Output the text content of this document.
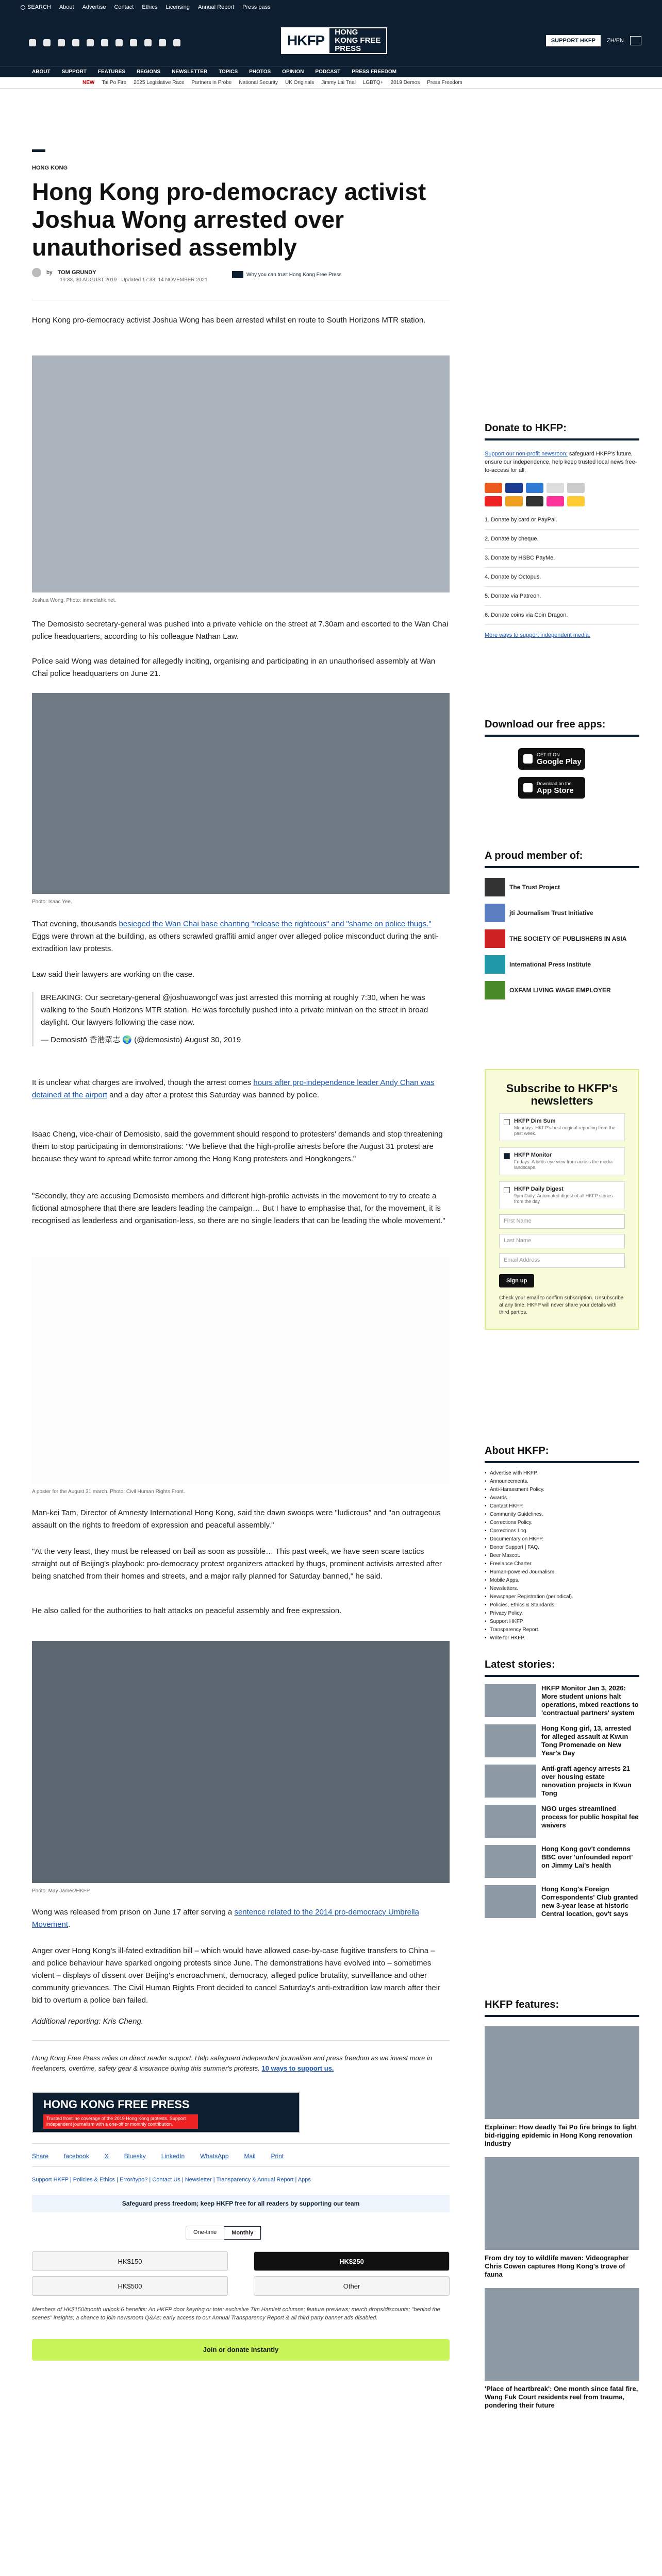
SEARCH About Advertise Contact Ethics Licensing Annual Report Press pass
HKFP
HONG KONG FREE PRESS
SUPPORT HKFP	ZH/EN
ABOUT SUPPORT FEATURES REGIONS NEWSLETTER TOPICS PHOTOS OPINION PODCAST PRESS FREEDOM
NEW Tai Po Fire 2025 Legislative Race Partners in Probe National Security UK Originals Jimmy Lai Trial LGBTQ+ 2019 Demos Press Freedom
HONG KONG
Hong Kong pro-democracy activist Joshua Wong arrested over unauthorised assembly
by TOM GRUNDY
19:33, 30 AUGUST 2019 · Updated 17:33, 14 NOVEMBER 2021
Why you can trust Hong Kong Free Press
Hong Kong pro-democracy activist Joshua Wong has been arrested whilst en route to South Horizons MTR station.
Joshua Wong. Photo: inmediahk.net.
The Demosisto secretary-general was pushed into a private vehicle on the street at 7.30am and escorted to the Wan Chai police headquarters, according to his colleague Nathan Law.
Police said Wong was detained for allegedly inciting, organising and participating in an unauthorised assembly at Wan Chai police headquarters on June 21.
Photo: Isaac Yee.
That evening, thousands besieged the Wan Chai base chanting "release the righteous" and "shame on police thugs." Eggs were thrown at the building, as others scrawled graffiti amid anger over alleged police misconduct during the anti-extradition law protests.
Law said their lawyers are working on the case.
BREAKING: Our secretary-general @joshuawongcf was just arrested this morning at roughly 7:30, when he was walking to the South Horizons MTR station. He was forcefully pushed into a private minivan on the street in broad daylight. Our lawyers following the case now.
— Demosistō 香港眾志 🌍 (@demosisto) August 30, 2019
It is unclear what charges are involved, though the arrest comes hours after pro-independence leader Andy Chan was detained at the airport and a day after a protest this Saturday was banned by police.
Isaac Cheng, vice-chair of Demosisto, said the government should respond to protesters' demands and stop threatening them to stop participating in demonstrations: "We believe that the high-profile arrests before the August 31 protest are because they want to spread white terror among the Hong Kong protesters and Hongkongers."
"Secondly, they are accusing Demosisto members and different high-profile activists in the movement to try to create a fictional atmosphere that there are leaders leading the campaign… But I have to emphasise that, for the movement, it is recognised as leaderless and organisation-less, so there are no single leaders that can be leading the whole movement."
A poster for the August 31 march. Photo: Civil Human Rights Front.
Man-kei Tam, Director of Amnesty International Hong Kong, said the dawn swoops were "ludicrous" and "an outrageous assault on the rights to freedom of expression and peaceful assembly."
"At the very least, they must be released on bail as soon as possible… This past week, we have seen scare tactics straight out of Beijing's playbook: pro-democracy protest organizers attacked by thugs, prominent activists arrested after being snatched from their homes and streets, and a major rally planned for Saturday banned," he said.
He also called for the authorities to halt attacks on peaceful assembly and free expression.
Photo: May James/HKFP.
Wong was released from prison on June 17 after serving a sentence related to the 2014 pro-democracy Umbrella Movement.
Anger over Hong Kong's ill-fated extradition bill – which would have allowed case-by-case fugitive transfers to China – and police behaviour have sparked ongoing protests since June. The demonstrations have evolved into – sometimes violent – displays of dissent over Beijing's encroachment, democracy, alleged police brutality, surveillance and other community grievances. The Civil Human Rights Front decided to cancel Saturday's anti-extradition law march after their bid to overturn a police ban failed.
Additional reporting: Kris Cheng.
Hong Kong Free Press relies on direct reader support. Help safeguard independent journalism and press freedom as we invest more in freelancers, overtime, safety gear & insurance during this summer's protests. 10 ways to support us.
HONG KONG FREE PRESS
Trusted frontline coverage of the 2019 Hong Kong protests. Support independent journalism with a one-off or monthly contribution.
Share	facebook	X	Bluesky	LinkedIn	WhatsApp	Mail	Print
Support HKFP | Policies & Ethics | Error/typo? | Contact Us | Newsletter | Transparency & Annual Report | Apps
Safeguard press freedom; keep HKFP free for all readers by supporting our team
One-time	Monthly
HK$150	HK$250
HK$500	Other
Members of HK$150/month unlock 6 benefits: An HKFP door keyring or tote; exclusive Tim Hamlett columns; feature previews; merch drops/discounts; "behind the scenes" insights; a chance to join newsroom Q&As; early access to our Annual Transparency Report & all third party banner ads disabled.
Join or donate instantly
Donate to HKFP:
Support our non-profit newsroon; safeguard HKFP's future, ensure our independence, help keep trusted local news free-to-access for all.
1. Donate by card or PayPal.
2. Donate by cheque.
3. Donate by HSBC PayMe.
4. Donate by Octopus.
5. Donate via Patreon.
6. Donate coins via Coin Dragon.
More ways to support independent media.
Download our free apps:
GET IT ON
Google Play
Download on the
App Store
A proud member of:
The Trust Project
jti Journalism Trust Initiative
THE SOCIETY OF PUBLISHERS IN ASIA
International Press Institute
OXFAM LIVING WAGE EMPLOYER
Subscribe to HKFP's newsletters
HKFP Dim Sum
Mondays: HKFP's best original reporting from the past week.
HKFP Monitor
Fridays: A birds-eye view from across the media landscape.
HKFP Daily Digest
9pm Daily: Automated digest of all HKFP stories from the day.
First Name
Last Name
Email Address
Sign up
Check your email to confirm subscription. Unsubscribe at any time. HKFP will never share your details with third parties.
About HKFP:
• Advertise with HKFP.
• Announcements.
• Anti-Harassment Policy.
• Awards.
• Contact HKFP.
• Community Guidelines.
• Corrections Policy.
• Corrections Log.
• Documentary on HKFP.
• Donor Support | FAQ.
• Beer Mascot.
• Freelance Charter.
• Human-powered Journalism.
• Mobile Apps.
• Newsletters.
• Newspaper Registration (periodical).
• Policies, Ethics & Standards.
• Privacy Policy.
• Support HKFP.
• Transparency Report.
• Write for HKFP.
Latest stories:
HKFP Monitor Jan 3, 2026: More student unions halt operations, mixed reactions to 'contractual partners' system
Hong Kong girl, 13, arrested for alleged assault at Kwun Tong Promenade on New Year's Day
Anti-graft agency arrests 21 over housing estate renovation projects in Kwun Tong
NGO urges streamlined process for public hospital fee waivers
Hong Kong gov't condemns BBC over 'unfounded report' on Jimmy Lai's health
Hong Kong's Foreign Correspondents' Club granted new 3-year lease at historic Central location, gov't says
HKFP features:
Explainer: How deadly Tai Po fire brings to light bid-rigging epidemic in Hong Kong renovation industry
From dry toy to wildlife maven: Videographer Chris Cowen captures Hong Kong's trove of fauna
'Place of heartbreak': One month since fatal fire, Wang Fuk Court residents reel from trauma, pondering their future
